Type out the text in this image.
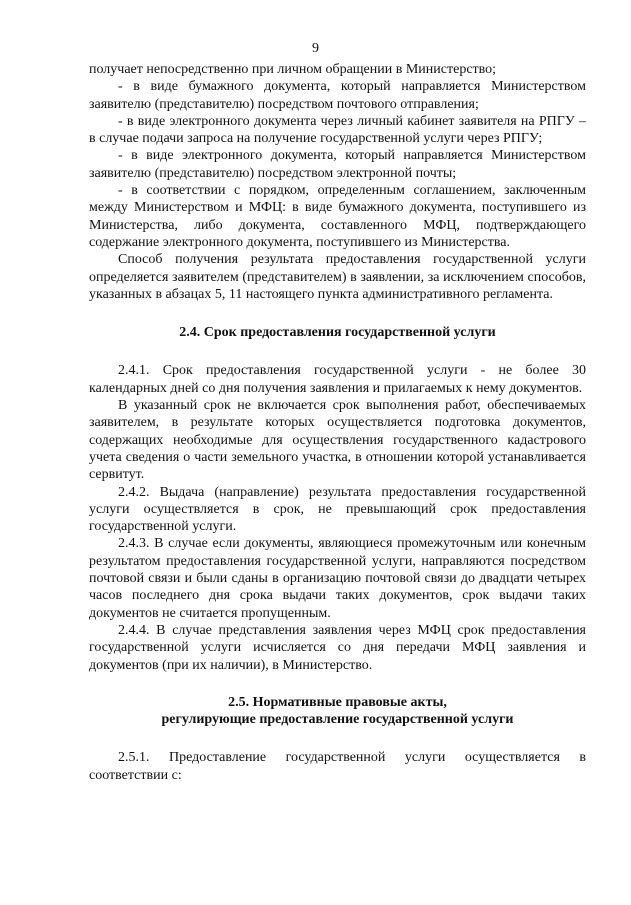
9

получает непосредственно при личном обращении в Министерство;

- в виде бумажного документа, который направляется Министерством заявителю (представителю) посредством почтового отправления;

- в виде электронного документа через личный кабинет заявителя на РПГУ – в случае подачи запроса на получение государственной услуги через РПГУ;

- в виде электронного документа, который направляется Министерством заявителю (представителю) посредством электронной почты;

- в соответствии с порядком, определенным соглашением, заключенным между Министерством и МФЦ: в виде бумажного документа, поступившего из Министерства, либо документа, составленного МФЦ, подтверждающего содержание электронного документа, поступившего из Министерства.

Способ получения результата предоставления государственной услуги определяется заявителем (представителем) в заявлении, за исключением способов, указанных в абзацах 5, 11 настоящего пункта административного регламента.

2.4. Срок предоставления государственной услуги

2.4.1. Срок предоставления государственной услуги - не более 30 календарных дней со дня получения заявления и прилагаемых к нему документов.

В указанный срок не включается срок выполнения работ, обеспечиваемых заявителем, в результате которых осуществляется подготовка документов, содержащих необходимые для осуществления государственного кадастрового учета сведения о части земельного участка, в отношении которой устанавливается сервитут.

2.4.2. Выдача (направление) результата предоставления государственной услуги осуществляется в срок, не превышающий срок предоставления государственной услуги.

2.4.3. В случае если документы, являющиеся промежуточным или конечным результатом предоставления государственной услуги, направляются посредством почтовой связи и были сданы в организацию почтовой связи до двадцати четырех часов последнего дня срока выдачи таких документов, срок выдачи таких документов не считается пропущенным.

2.4.4. В случае представления заявления через МФЦ срок предоставления государственной услуги исчисляется со дня передачи МФЦ заявления и документов (при их наличии), в Министерство.

2.5. Нормативные правовые акты,

регулирующие предоставление государственной услуги

2.5.1. Предоставление государственной услуги осуществляется в соответствии с:
